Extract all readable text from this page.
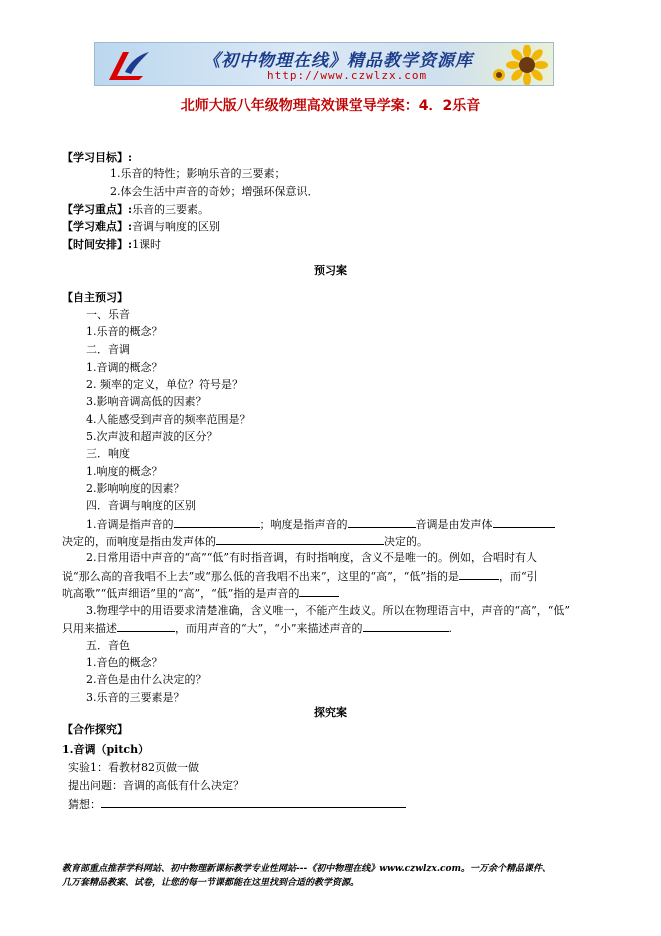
《初中物理在线》精品教学资源库
http://www.czwlzx.com
北师大版八年级物理高效课堂导学案：4．2乐音
【学习目标】:
1.乐音的特性；影响乐音的三要素；
2.体会生活中声音的奇妙；增强环保意识．
【学习重点】:乐音的三要素。
【学习难点】:音调与响度的区别
【时间安排】:1课时
预习案
【自主预习】
一、乐音
1.乐音的概念？
二．音调
1.音调的概念？
2. 频率的定义，单位？符号是？
3.影响音调高低的因素？
4.人能感受到声音的频率范围是？
5.次声波和超声波的区分？
三．响度
1.响度的概念？
2.影响响度的因素？
四．音调与响度的区别
1.音调是指声音的	；响度是指声音的	音调是由发声体
决定的，而响度是指由发声体的	决定的。
2.日常用语中声音的“高”“低”有时指音调，有时指响度，含义不是唯一的。例如，合唱时有人
说“那么高的音我唱不上去”或“那么低的音我唱不出来”，这里的“高”，“低”指的是	，而“引
吭高歌”“低声细语”里的“高”，“低”指的是声音的
3.物理学中的用语要求清楚准确，含义唯一，不能产生歧义。所以在物理语言中，声音的“高”，“低”
只用来描述	，而用声音的“大”，“小”来描述声音的	.
五．音色
1.音色的概念？
2.音色是由什么决定的？
3.乐音的三要素是？
探究案
【合作探究】
1.音调（pitch）
实验1：看教材82页做一做
提出问题：音调的高低有什么决定？
猜想：
教育部重点推荐学科网站、初中物理新课标教学专业性网站---《初中物理在线》www.czwlzx.com。一万余个精品课件、
几万套精品教案、试卷，让您的每一节课都能在这里找到合适的教学资源。
